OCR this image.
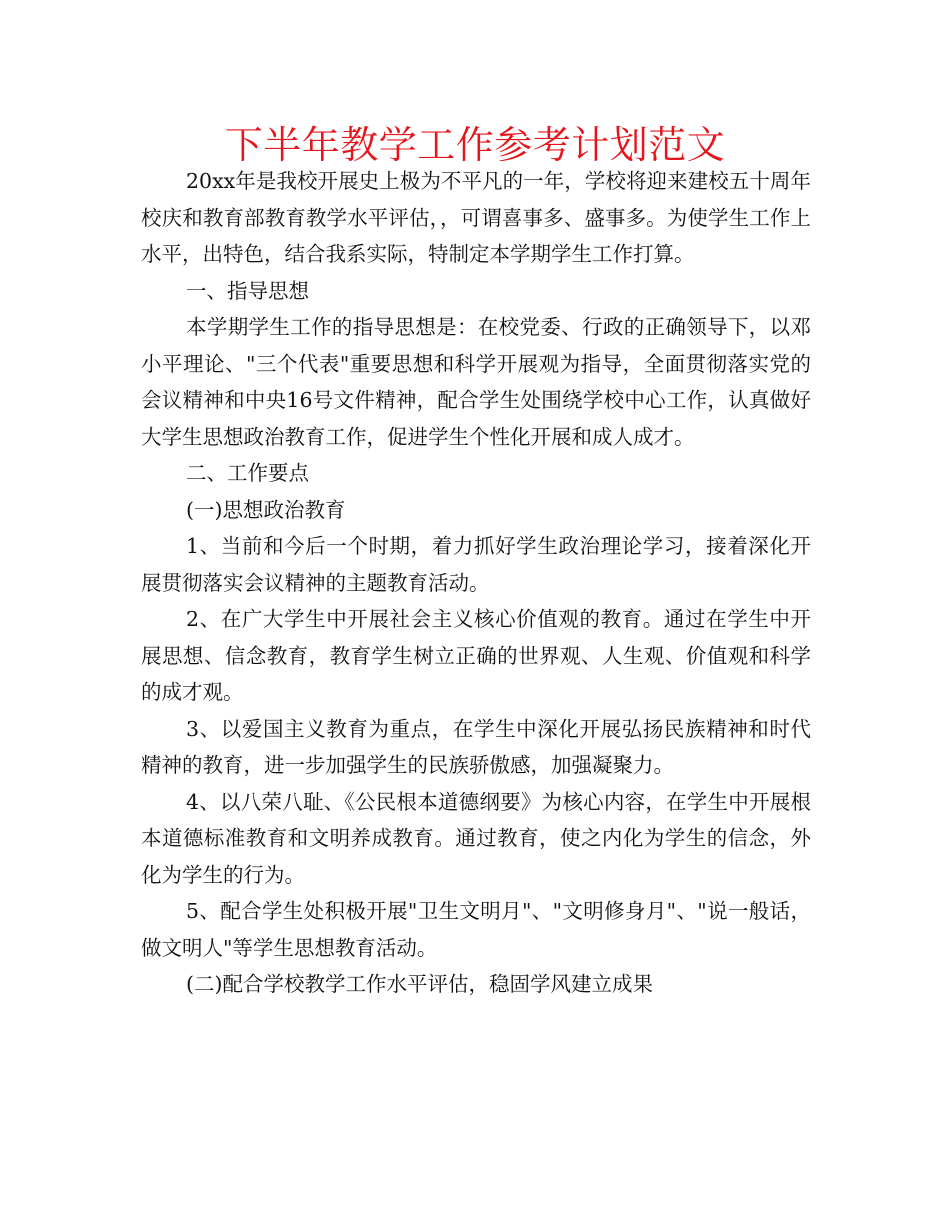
下半年教学工作参考计划范文

20xx年是我校开展史上极为不平凡的一年，学校将迎来建校五十周年校庆和教育部教育教学水平评估，，可谓喜事多、盛事多。为使学生工作上水平，出特色，结合我系实际，特制定本学期学生工作打算。

一、指导思想

本学期学生工作的指导思想是：在校党委、行政的正确领导下，以邓小平理论、"三个代表"重要思想和科学开展观为指导，全面贯彻落实党的会议精神和中央16号文件精神，配合学生处围绕学校中心工作，认真做好大学生思想政治教育工作，促进学生个性化开展和成人成才。

二、工作要点

(一)思想政治教育

1、当前和今后一个时期，着力抓好学生政治理论学习，接着深化开展贯彻落实会议精神的主题教育活动。

2、在广大学生中开展社会主义核心价值观的教育。通过在学生中开展思想、信念教育，教育学生树立正确的世界观、人生观、价值观和科学的成才观。

3、以爱国主义教育为重点，在学生中深化开展弘扬民族精神和时代精神的教育，进一步加强学生的民族骄傲感，加强凝聚力。

4、以八荣八耻、《公民根本道德纲要》为核心内容，在学生中开展根本道德标准教育和文明养成教育。通过教育，使之内化为学生的信念，外化为学生的行为。

5、配合学生处积极开展"卫生文明月"、"文明修身月"、"说一般话，做文明人"等学生思想教育活动。

(二)配合学校教学工作水平评估，稳固学风建立成果
